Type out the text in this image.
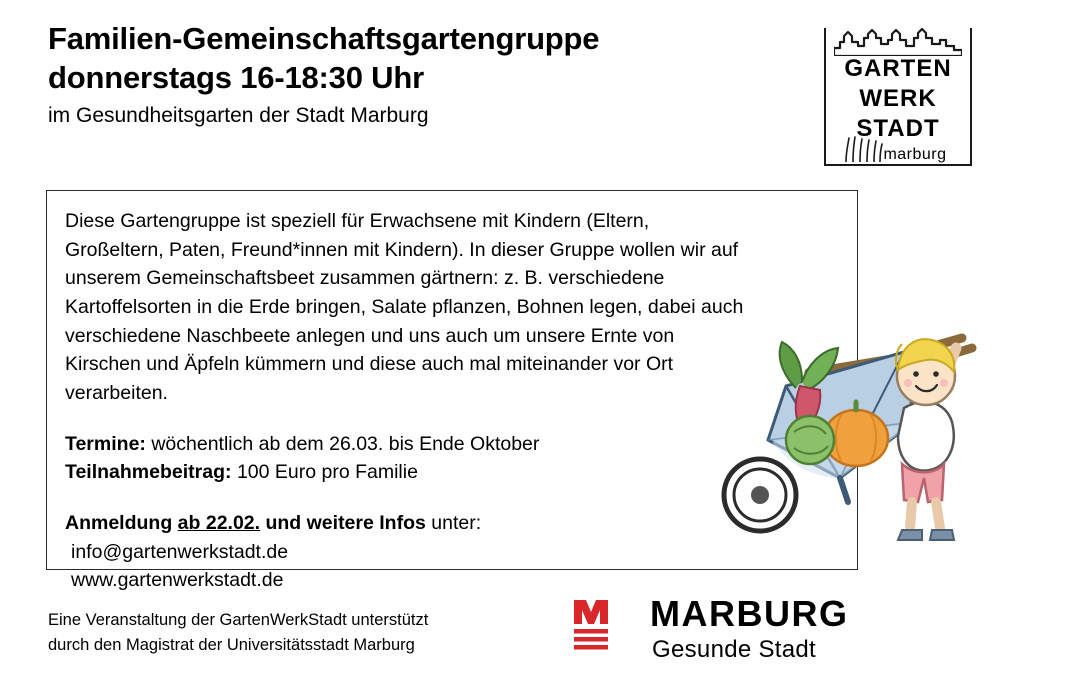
Familien-Gemeinschaftsgartengruppe
donnerstags 16-18:30 Uhr
im Gesundheitsgarten der Stadt Marburg
GARTEN
WERK
STADT
marburg
Diese Gartengruppe ist speziell für Erwachsene mit Kindern (Eltern, Großeltern, Paten, Freund*innen mit Kindern). In dieser Gruppe wollen wir auf unserem Gemeinschaftsbeet zusammen gärtnern: z. B. verschiedene Kartoffelsorten in die Erde bringen, Salate pflanzen, Bohnen legen, dabei auch verschiedene Naschbeete anlegen und uns auch um unsere Ernte von Kirschen und Äpfeln kümmern und diese auch mal miteinander vor Ort verarbeiten.
Termine: wöchentlich ab dem 26.03. bis Ende Oktober
Teilnahmebeitrag: 100 Euro pro Familie
Anmeldung ab 22.02. und weitere Infos unter:
info@gartenwerkstadt.de
www.gartenwerkstadt.de
Eine Veranstaltung der GartenWerkStadt unterstützt
durch den Magistrat der Universitätsstadt Marburg
MARBURG
Gesunde Stadt
